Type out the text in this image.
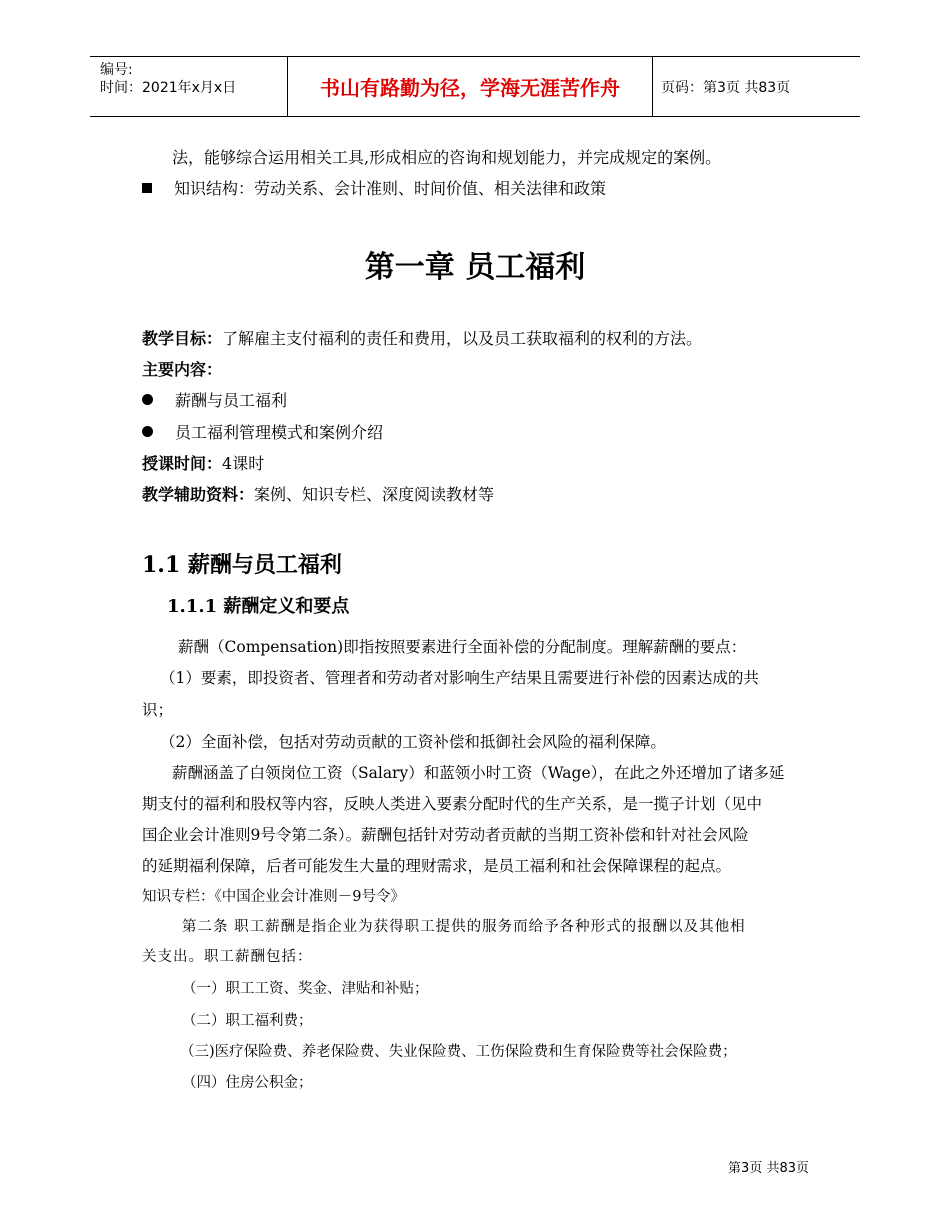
编号:
时间：2021年x月x日	书山有路勤为径，学海无涯苦作舟	页码：第3页 共83页
法，能够综合运用相关工具,形成相应的咨询和规划能力，并完成规定的案例。
知识结构：劳动关系、会计准则、时间价值、相关法律和政策
第一章 员工福利
教学目标：了解雇主支付福利的责任和费用，以及员工获取福利的权利的方法。
主要内容：
薪酬与员工福利
员工福利管理模式和案例介绍
授课时间：4课时
教学辅助资料：案例、知识专栏、深度阅读教材等
1.1 薪酬与员工福利
1.1.1 薪酬定义和要点
薪酬（Compensation)即指按照要素进行全面补偿的分配制度。理解薪酬的要点：
（1）要素，即投资者、管理者和劳动者对影响生产结果且需要进行补偿的因素达成的共
识；
（2）全面补偿，包括对劳动贡献的工资补偿和抵御社会风险的福利保障。
薪酬涵盖了白领岗位工资（Salary）和蓝领小时工资（Wage），在此之外还增加了诸多延
期支付的福利和股权等内容，反映人类进入要素分配时代的生产关系，是一揽子计划（见中
国企业会计准则9号令第二条）。薪酬包括针对劳动者贡献的当期工资补偿和针对社会风险
的延期福利保障，后者可能发生大量的理财需求，是员工福利和社会保障课程的起点。
知识专栏：《中国企业会计准则－9号令》
第二条 职工薪酬是指企业为获得职工提供的服务而给予各种形式的报酬以及其他相
关支出。职工薪酬包括：
（一）职工工资、奖金、津贴和补贴；
（二）职工福利费；
（三)医疗保险费、养老保险费、失业保险费、工伤保险费和生育保险费等社会保险费；
（四）住房公积金；
第3页 共83页
